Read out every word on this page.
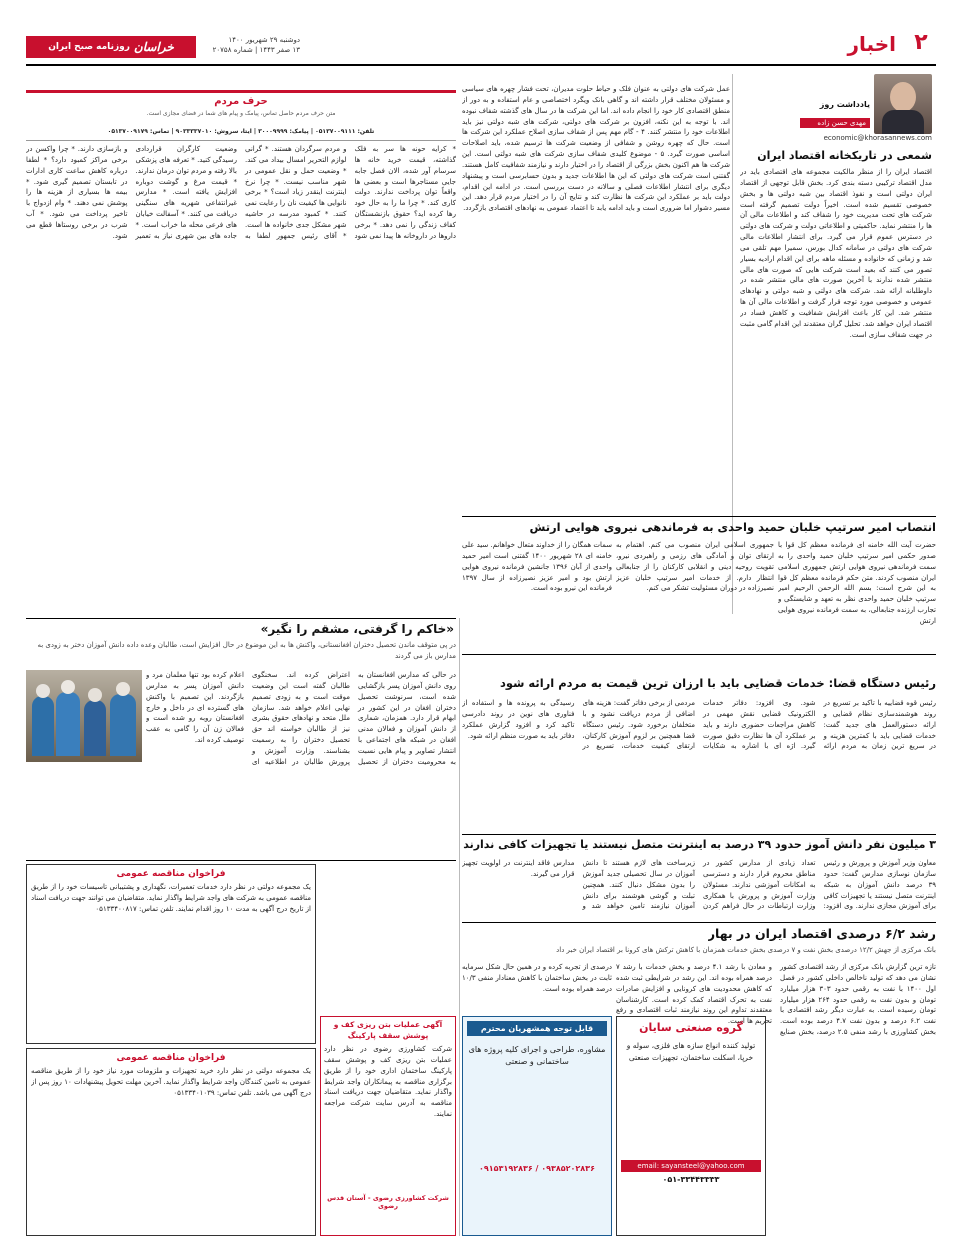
خراسان
روزنامه صبح ایران
دوشنبه ۲۹ شهریور ۱۴۰۰
۱۳ صفر ۱۴۴۳ | شماره ۲۰۷۵۸	اخبار ۲
یادداشت روز
مهدی حسن زاده
economic@khorasannews.com
شمعی در تاریکخانه اقتصاد ایران
اقتصاد ایران را از منظر مالکیت مجموعه های اقتصادی باید در مدل اقتصاد ترکیبی دسته بندی کرد. بخش قابل توجهی از اقتصاد ایران دولتی است و نفوذ اقتصاد بین شبه دولتی ها و بخش خصوصی تقسیم شده است. اخیراً دولت تصمیم گرفته است شرکت های تحت مدیریت خود را شفاف کند و اطلاعات مالی آن ها را منتشر نماید. حاکمیتی و اطلاعاتی دولت و شرکت های دولتی در دسترس عموم قرار می گیرد. برای انتشار اطلاعات مالی شرکت های دولتی در سامانه کدال بورس، سمیرا مهم تلقی می شد و زمانی که خانواده و مسئله ماهه برای این اقدام ارادیه بسیار تصور می کنند که بعید است شرکت هایی که صورت های مالی منتشر شده ندارند با آخرین صورت های مالی منتشر شده در داوطلبانه ارائه شد. شرکت های دولتی و شبه دولتی و نهادهای عمومی و خصوصی مورد توجه قرار گرفت و اطلاعات مالی آن ها منتشر شد. این کار باعث افزایش شفافیت و کاهش فساد در اقتصاد ایران خواهد شد. تحلیل گران معتقدند این اقدام گامی مثبت در جهت شفاف سازی است.
عمل شرکت های دولتی به عنوان فلک و حیاط حلوت مدیران، تحت فشار چهره های سیاسی و مسئولان مختلف قرار داشته اند و گاهی بانک ویگرد اختصاصی و عام استفاده و به دور از منطق اقتصادی کار خود را انجام داده اند. اما این شرکت ها در سال های گذشته شفاف نبوده اند. با توجه به این نکته، افزون بر شرکت های دولتی، شرکت های شبه دولتی نیز باید اطلاعات خود را منتشر کنند. ۴ - گام مهم پس از شفاف سازی اصلاح عملکرد این شرکت ها است. حال که چهره روشن و شفافی از وضعیت شرکت ها ترسیم شده، باید اصلاحات اساسی صورت گیرد. ۵ - موضوع کلیدی شفاف سازی شرکت های شبه دولتی است. این شرکت ها هم اکنون بخش بزرگی از اقتصاد را در اختیار دارند و نیازمند شفافیت کامل هستند. گفتنی است شرکت های دولتی که این ها اطلاعات جدید و بدون حسابرسی است و پیشنهاد دیگری برای انتشار اطلاعات فصلی و سالانه در دست بررسی است. در ادامه این اقدام، دولت باید بر عملکرد این شرکت ها نظارت کند و نتایج آن را در اختیار مردم قرار دهد. این مسیر دشوار اما ضروری است و باید ادامه یابد تا اعتماد عمومی به نهادهای اقتصادی بازگردد.
حرف مردم
متن حرف مردم حاصل تماس، پیامک و پیام های شما در فضای مجازی است.
تلفن: ۰۵۱۳۷۰۰۹۱۱۱ | پیامک: ۳۰۰۰۹۹۹۹ | ایتا، سروش: ۹۰۳۳۳۳۷۰۱۰ | تماس: ۰۵۱۳۷۰۰۹۱۷۹
* کرایه حونه ها سر به فلک گذاشته، قیمت خرید خانه ها سرسام آور شده، الان فصل جابه جایی مستاجرها است و بعضی ها واقعاً توان پرداخت ندارند. دولت کاری کند. * چرا ما را به حال خود رها کرده اید؟ حقوق بازنشستگان کفاف زندگی را نمی دهد. * برخی داروها در داروخانه ها پیدا نمی شود و مردم سرگردان هستند. * گرانی لوازم التحریر امسال بیداد می کند. * وضعیت حمل و نقل عمومی در شهر مناسب نیست. * چرا نرخ اینترنت اینقدر زیاد است؟ * برخی نانوایی ها کیفیت نان را رعایت نمی کنند. * کمبود مدرسه در حاشیه شهر مشکل جدی خانواده ها است. * آقای رئیس جمهور لطفا به وضعیت کارگران قراردادی رسیدگی کنید. * تعرفه های پزشکی بالا رفته و مردم توان درمان ندارند. * قیمت مرغ و گوشت دوباره افزایش یافته است. * مدارس غیرانتفاعی شهریه های سنگینی دریافت می کنند. * آسفالت خیابان های فرعی محله ما خراب است. * جاده های بین شهری نیاز به تعمیر و بازسازی دارند. * چرا واکسن در برخی مراکز کمبود دارد؟ * لطفا درباره کاهش ساعت کاری ادارات در تابستان تصمیم گیری شود. * بیمه ها بسیاری از هزینه ها را پوشش نمی دهند. * وام ازدواج با تاخیر پرداخت می شود. * آب شرب در برخی روستاها قطع می شود.
انتصاب امیر سرتیپ خلبان حمید واحدی به فرماندهی نیروی هوایی ارتش
حضرت آیت الله خامنه ای فرمانده معظم کل قوا با صدور حکمی امیر سرتیپ خلبان حمید واحدی را به سمت فرماندهی نیروی هوایی ارتش جمهوری اسلامی ایران منصوب کردند. متن حکم فرمانده معظم کل قوا به این شرح است: بسم الله الرحمن الرحیم امیر سرتیپ خلبان حمید واحدی نظر به تعهد و شایستگی و تجارب ارزنده جنابعالی، به سمت فرمانده نیروی هوایی ارتش
جمهوری اسلامی ایران منصوب می کنم. اهتمام به ارتقای توان و آمادگی های رزمی و راهبردی نیرو، تقویت روحیه دینی و انقلابی کارکنان را از جنابعالی انتظار دارم. از خدمات امیر سرتیپ خلبان عزیز نصیرزاده در دوران مسئولیت تشکر می کنم.
سمات همگان را از خداوند متعال خواهانم. سید علی خامنه ای ۲۸ شهریور ۱۴۰۰ گفتنی است امیر حمید واحدی از آبان ۱۳۹۶ جانشین فرمانده نیروی هوایی ارتش بود و امیر عزیز نصیرزاده از سال ۱۳۹۷ فرمانده این نیرو بوده است.
«خاکم را گرفتی، مشقم را نگیر»
در پی متوقف ماندن تحصیل دختران افغانستانی، واکنش ها به این موضوع در حال افزایش است، طالبان وعده داده دانش آموزان دختر به زودی به مدارس باز می گردند
در حالی که مدارس افغانستان به روی دانش آموزان پسر بازگشایی شده است، سرنوشت تحصیل دختران افغان در این کشور در ابهام قرار دارد. همزمان، شماری از دانش آموزان و فعالان مدنی افغان در شبکه های اجتماعی با انتشار تصاویر و پیام هایی نسبت به محرومیت دختران از تحصیل اعتراض کرده اند. سخنگوی طالبان گفته است این وضعیت موقت است و به زودی تصمیم نهایی اعلام خواهد شد. سازمان ملل متحد و نهادهای حقوق بشری نیز از طالبان خواسته اند حق تحصیل دختران را به رسمیت بشناسند. وزارت آموزش و پرورش طالبان در اطلاعیه ای اعلام کرده بود تنها معلمان مرد و دانش آموزان پسر به مدارس بازگردند. این تصمیم با واکنش های گسترده ای در داخل و خارج افغانستان روبه رو شده است و فعالان زن آن را گامی به عقب توصیف کرده اند.
رئیس دستگاه قضا: خدمات قضایی باید با ارزان ترین قیمت به مردم ارائه شود
رئیس قوه قضاییه با تاکید بر تسریع در روند هوشمندسازی نظام قضایی و ارائه دستورالعمل های جدید گفت: خدمات قضایی باید با کمترین هزینه و در سریع ترین زمان به مردم ارائه شود. وی افزود: دفاتر خدمات الکترونیک قضایی نقش مهمی در کاهش مراجعات حضوری دارند و باید بر عملکرد آن ها نظارت دقیق صورت گیرد. اژه ای با اشاره به شکایات مردمی از برخی دفاتر گفت: هزینه های اضافی از مردم دریافت نشود و با متخلفان برخورد شود. رئیس دستگاه قضا همچنین بر لزوم آموزش کارکنان، ارتقای کیفیت خدمات، تسریع در رسیدگی به پرونده ها و استفاده از فناوری های نوین در روند دادرسی تاکید کرد و افزود گزارش عملکرد دفاتر باید به صورت منظم ارائه شود.
۳ میلیون نفر دانش آموز حدود ۳۹ درصد به اینترنت متصل نیستند یا تجهیزات کافی ندارند
معاون وزیر آموزش و پرورش و رئیس سازمان نوسازی مدارس گفت: حدود ۳۹ درصد دانش آموزان به شبکه اینترنت متصل نیستند یا تجهیزات کافی برای آموزش مجازی ندارند. وی افزود: تعداد زیادی از مدارس کشور در مناطق محروم قرار دارند و دسترسی به امکانات آموزشی ندارند. مسئولان وزارت آموزش و پرورش با همکاری وزارت ارتباطات در حال فراهم کردن زیرساخت های لازم هستند تا دانش آموزان در سال تحصیلی جدید آموزش را بدون مشکل دنبال کنند. همچنین تبلت و گوشی هوشمند برای دانش آموزان نیازمند تامین خواهد شد و مدارس فاقد اینترنت در اولویت تجهیز قرار می گیرند.
رشد ۶/۲ درصدی اقتصاد ایران در بهار
بانک مرکزی از جهش ۱۲/۲ درصدی بخش نفت و ۷ درصدی بخش خدمات همزمان با کاهش ترکش های کرونا بر اقتصاد ایران خبر داد
تازه ترین گزارش بانک مرکزی از رشد اقتصادی کشور نشان می دهد که تولید ناخالص داخلی کشور در فصل اول ۱۴۰۰ با نفت به رقمی حدود ۳۰۳ هزار میلیارد تومان و بدون نفت به رقمی حدود ۲۶۴ هزار میلیارد تومان رسیده است. به عبارت دیگر رشد اقتصادی با نفت ۶.۲ درصد و بدون نفت ۴.۷ درصد بوده است. بخش کشاورزی با رشد منفی ۲.۵ درصد، بخش صنایع و معادن با رشد ۴.۱ درصد و بخش خدمات با رشد ۷ درصد همراه بوده اند. این رشد در شرایطی ثبت شده که کاهش محدودیت های کرونایی و افزایش صادرات نفت به تحرک اقتصاد کمک کرده است. کارشناسان معتقدند تداوم این روند نیازمند ثبات اقتصادی و رفع تحریم ها است.
درصدی از تجربه کرده و در همین حال شکل سرمایه ثابت در بخش ساختمان با کاهش معنادار منفی ۱۰/۳ درصد همراه بوده است.
فراخوان مناقصه عمومی
یک مجموعه دولتی در نظر دارد خدمات تعمیرات، نگهداری و پشتیبانی تاسیسات خود را از طریق مناقصه عمومی به شرکت های واجد شرایط واگذار نماید. متقاضیان می توانند جهت دریافت اسناد از تاریخ درج آگهی به مدت ۱۰ روز اقدام نمایند. تلفن تماس: ۰۵۱۳۳۴۰۰۸۱۷
فراخوان مناقصه عمومی
یک مجموعه دولتی در نظر دارد خرید تجهیزات و ملزومات مورد نیاز خود را از طریق مناقصه عمومی به تامین کنندگان واجد شرایط واگذار نماید. آخرین مهلت تحویل پیشنهادات ۱۰ روز پس از درج آگهی می باشد. تلفن تماس: ۰۵۱۳۳۴۰۱۰۳۹
آگهی عملیات بتن ریزی کف و پوشش سقف پارکینگ
شرکت کشاورزی رضوی در نظر دارد عملیات بتن ریزی کف و پوشش سقف پارکینگ ساختمان اداری خود را از طریق برگزاری مناقصه به پیمانکاران واجد شرایط واگذار نماید. متقاضیان جهت دریافت اسناد مناقصه به آدرس سایت شرکت مراجعه نمایند.
شرکت کشاورزی رضوی - آستان قدس رضوی
قابل توجه همشهریان محترم
مشاوره، طراحی و اجرای کلیه پروژه های ساختمانی و صنعتی
۰۹۱۵۳۱۹۲۸۳۶ / ۰۹۳۸۵۲۰۲۸۳۶
گروه صنعتی سایان
تولید کننده انواع سازه های فلزی، سوله و خرپا، اسکلت ساختمان، تجهیزات صنعتی
email: sayansteel@yahoo.com
۰۵۱-۳۳۴۴۳۳۳۳
